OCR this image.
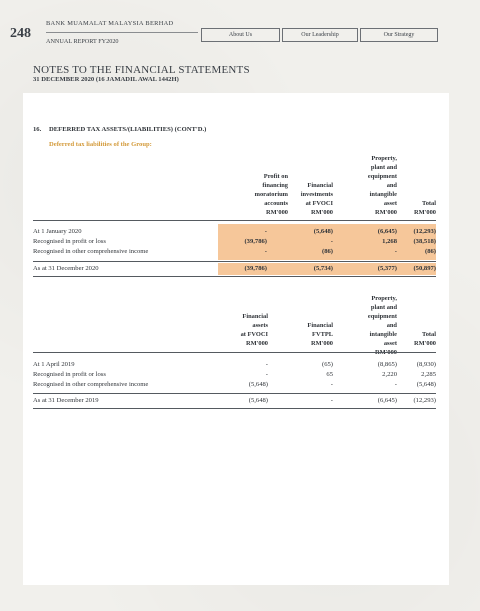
248
BANK MUAMALAT MALAYSIA BERHAD
ANNUAL REPORT FY2020
About Us	Our Leadership	Our Strategy
NOTES TO THE FINANCIAL STATEMENTS
31 DECEMBER 2020 (16 JAMADIL AWAL 1442H)
16. DEFERRED TAX ASSETS/(LIABILITIES) (CONT'D.)
Deferred tax liabilities of the Group:
Profit on
financing
moratorium
accounts
RM'000
Financial
investments
at FVOCI
RM'000
Property,
plant and
equipment
and
intangible
asset
RM'000
Total
RM'000
At 1 January 2020	-	(5,648)	(6,645)	(12,293)
Recognised in profit or loss	(39,786)	-	1,268	(38,518)
Recognised in other comprehensive income	-	(86)	-	(86)
As at 31 December 2020	(39,786)	(5,734)	(5,377)	(50,897)
Financial
assets
at FVOCI
RM'000
Financial
FVTPL
RM'000
Property,
plant and
equipment
and
intangible
asset
RM'000
Total
RM'000
At 1 April 2019	-	(65)	(8,865)	(8,930)
Recognised in profit or loss	-	65	2,220	2,285
Recognised in other comprehensive income	(5,648)	-	-	(5,648)
As at 31 December 2019	(5,648)	-	(6,645)	(12,293)
